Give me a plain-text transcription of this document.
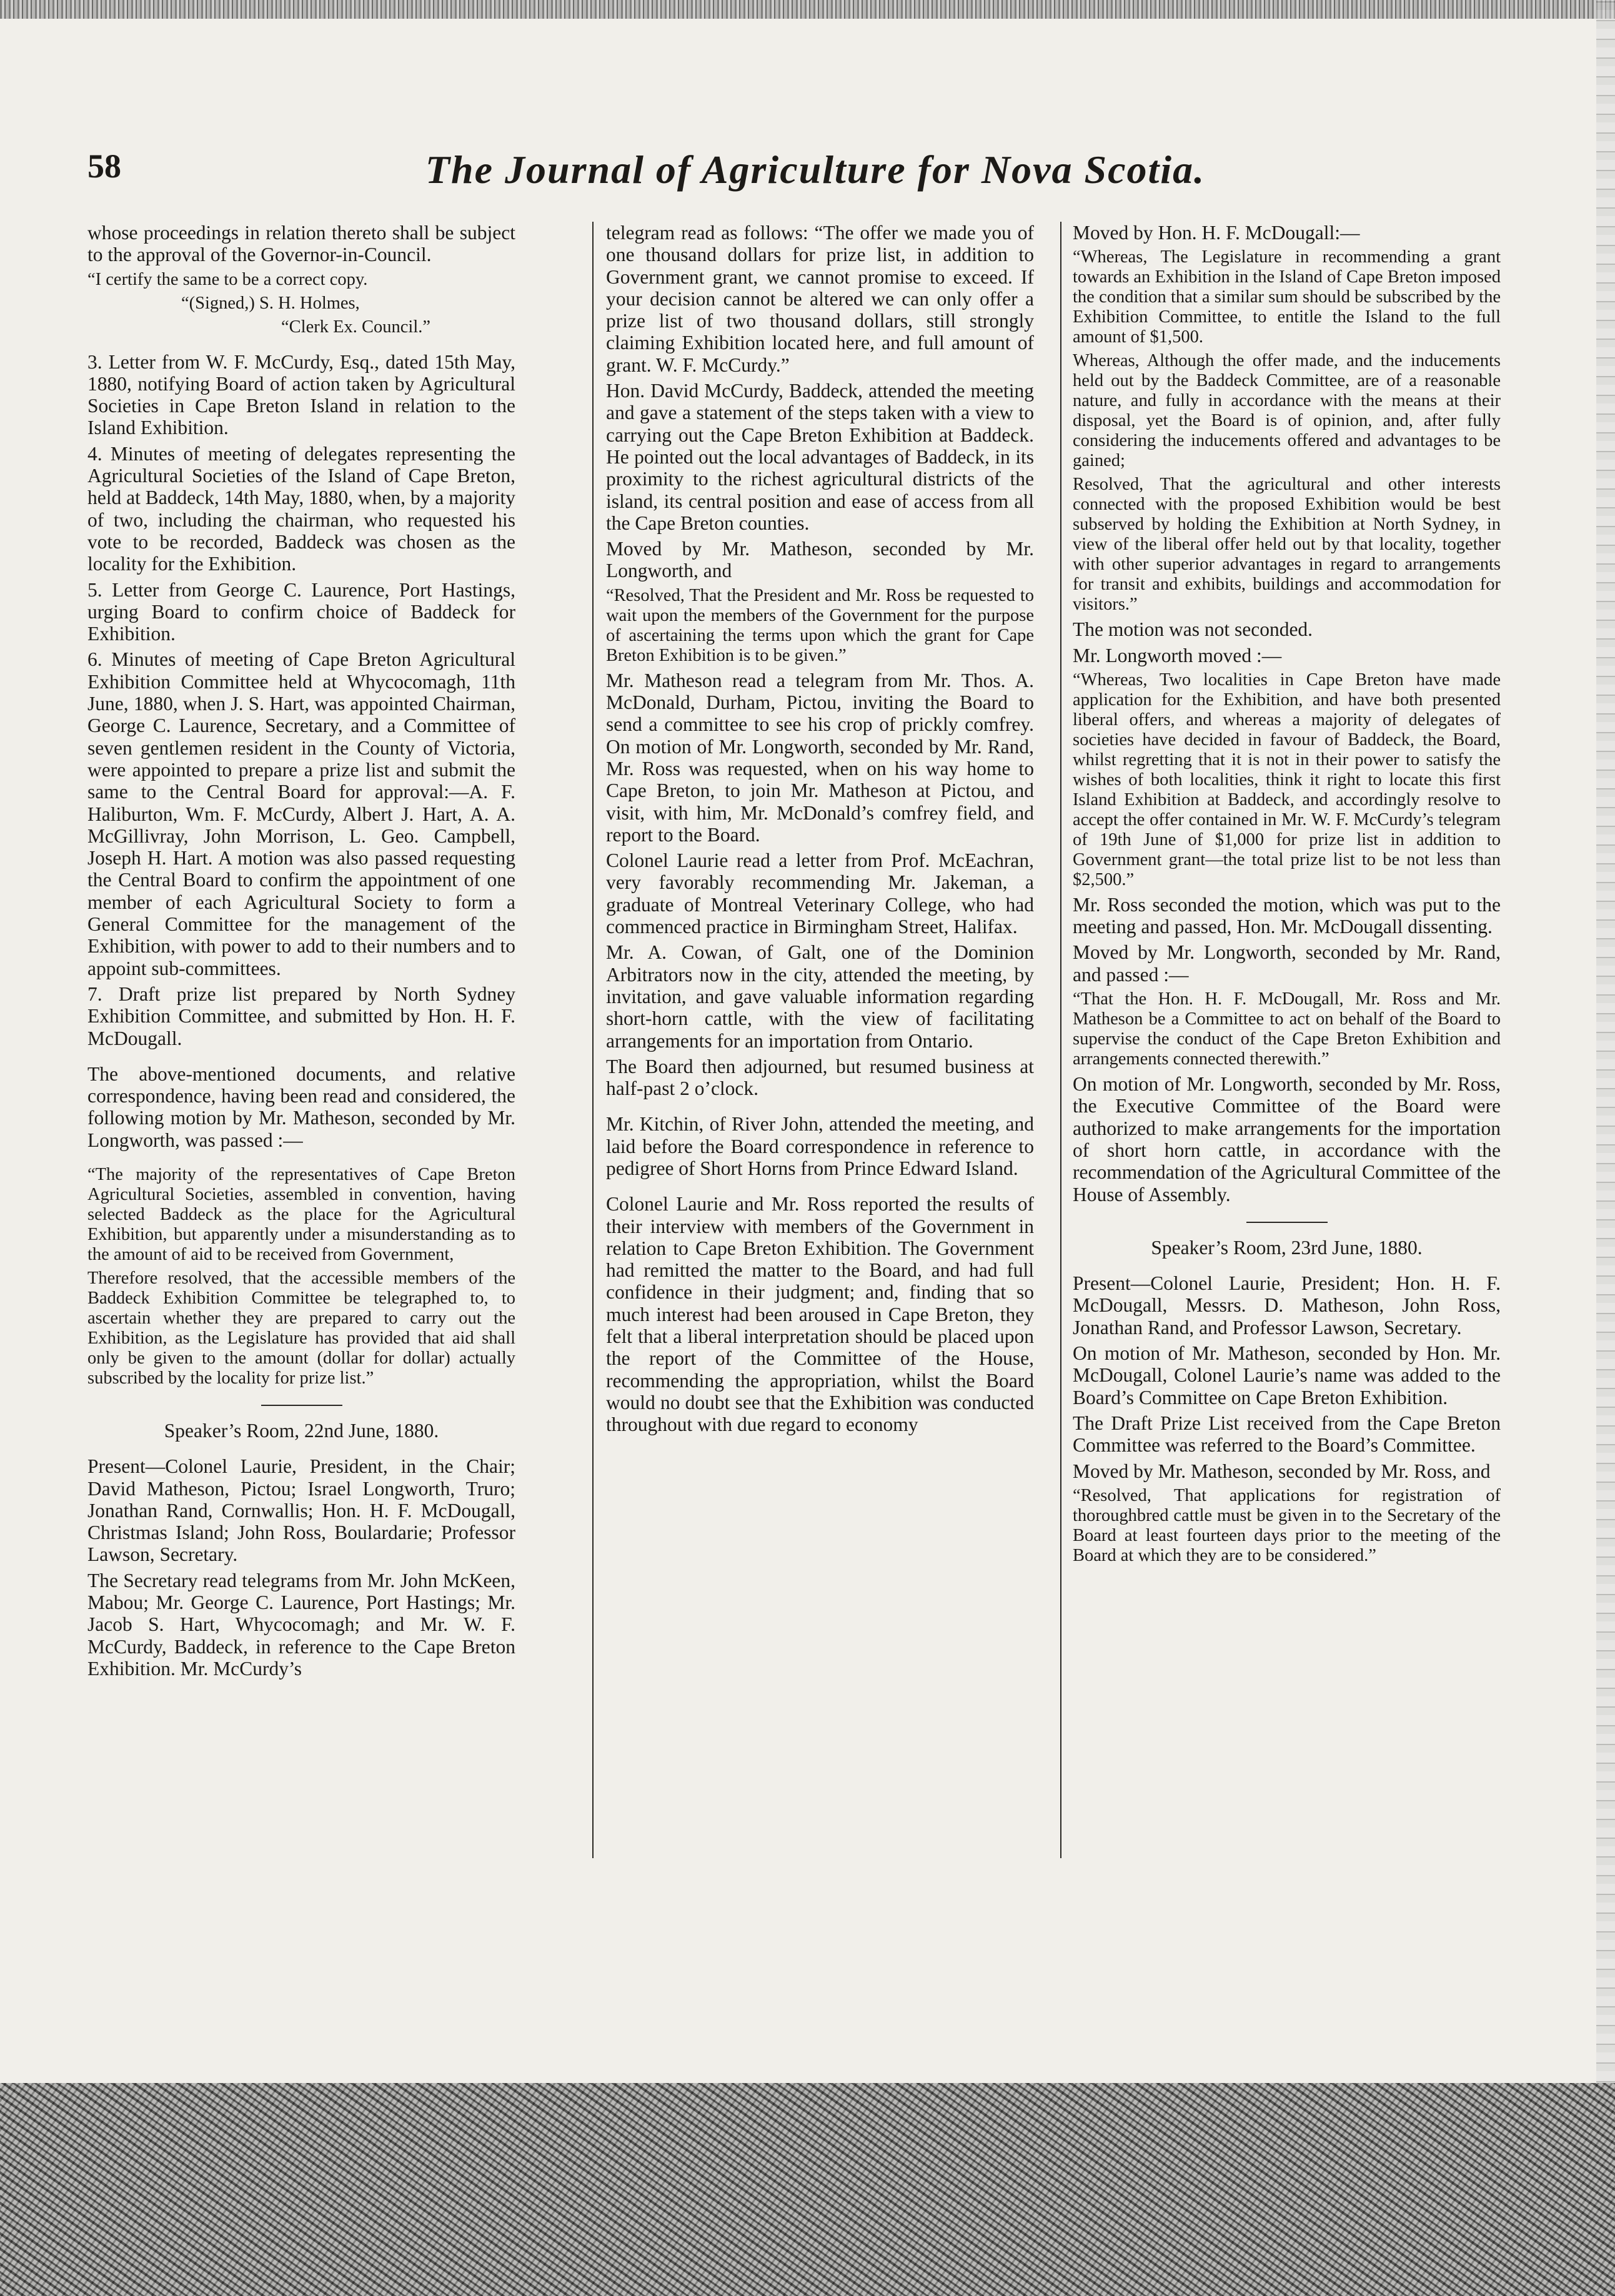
The Journal of Agriculture for Nova Scotia.
58

whose proceedings in relation thereto shall be subject to the approval of the Governor-in-Council.

“I certify the same to be a correct copy.

“(Signed,) S. H. Holmes,

“Clerk Ex. Council.”

3. Letter from W. F. McCurdy, Esq., dated 15th May, 1880, notifying Board of action taken by Agricultural Societies in Cape Breton Island in relation to the Island Exhibition.

4. Minutes of meeting of delegates representing the Agricultural Societies of the Island of Cape Breton, held at Baddeck, 14th May, 1880, when, by a majority of two, including the chairman, who requested his vote to be recorded, Baddeck was chosen as the locality for the Exhibition.

5. Letter from George C. Laurence, Port Hastings, urging Board to confirm choice of Baddeck for Exhibition.

6. Minutes of meeting of Cape Breton Agricultural Exhibition Committee held at Whycocomagh, 11th June, 1880, when J. S. Hart, was appointed Chairman, George C. Laurence, Secretary, and a Committee of seven gentlemen resident in the County of Victoria, were appointed to prepare a prize list and submit the same to the Central Board for approval:—A. F. Haliburton, Wm. F. McCurdy, Albert J. Hart, A. A. McGillivray, John Morrison, L. Geo. Campbell, Joseph H. Hart. A motion was also passed requesting the Central Board to confirm the appointment of one member of each Agricultural Society to form a General Committee for the management of the Exhibition, with power to add to their numbers and to appoint sub-committees.

7. Draft prize list prepared by North Sydney Exhibition Committee, and submitted by Hon. H. F. McDougall.

The above-mentioned documents, and relative correspondence, having been read and considered, the following motion by Mr. Matheson, seconded by Mr. Longworth, was passed :—

“The majority of the representatives of Cape Breton Agricultural Societies, assembled in convention, having selected Baddeck as the place for the Agricultural Exhibition, but apparently under a misunderstanding as to the amount of aid to be received from Government,

Therefore resolved, that the accessible members of the Baddeck Exhibition Committee be telegraphed to, to ascertain whether they are prepared to carry out the Exhibition, as the Legislature has provided that aid shall only be given to the amount (dollar for dollar) actually subscribed by the locality for prize list.”

Speaker’s Room, 22nd June, 1880.

Present—Colonel Laurie, President, in the Chair; David Matheson, Pictou; Israel Longworth, Truro; Jonathan Rand, Cornwallis; Hon. H. F. McDougall, Christmas Island; John Ross, Boulardarie; Professor Lawson, Secretary.

The Secretary read telegrams from Mr. John McKeen, Mabou; Mr. George C. Laurence, Port Hastings; Mr. Jacob S. Hart, Whycocomagh; and Mr. W. F. McCurdy, Baddeck, in reference to the Cape Breton Exhibition. Mr. McCurdy’s

telegram read as follows: “The offer we made you of one thousand dollars for prize list, in addition to Government grant, we cannot promise to exceed. If your decision cannot be altered we can only offer a prize list of two thousand dollars, still strongly claiming Exhibition located here, and full amount of grant. W. F. McCurdy.”

Hon. David McCurdy, Baddeck, attended the meeting and gave a statement of the steps taken with a view to carrying out the Cape Breton Exhibition at Baddeck. He pointed out the local advantages of Baddeck, in its proximity to the richest agricultural districts of the island, its central position and ease of access from all the Cape Breton counties.

Moved by Mr. Matheson, seconded by Mr. Longworth, and

“Resolved, That the President and Mr. Ross be requested to wait upon the members of the Government for the purpose of ascertaining the terms upon which the grant for Cape Breton Exhibition is to be given.”

Mr. Matheson read a telegram from Mr. Thos. A. McDonald, Durham, Pictou, inviting the Board to send a committee to see his crop of prickly comfrey. On motion of Mr. Longworth, seconded by Mr. Rand, Mr. Ross was requested, when on his way home to Cape Breton, to join Mr. Matheson at Pictou, and visit, with him, Mr. McDonald’s comfrey field, and report to the Board.

Colonel Laurie read a letter from Prof. McEachran, very favorably recommending Mr. Jakeman, a graduate of Montreal Veterinary College, who had commenced practice in Birmingham Street, Halifax.

Mr. A. Cowan, of Galt, one of the Dominion Arbitrators now in the city, attended the meeting, by invitation, and gave valuable information regarding short-horn cattle, with the view of facilitating arrangements for an importation from Ontario.

The Board then adjourned, but resumed business at half-past 2 o’clock.

Mr. Kitchin, of River John, attended the meeting, and laid before the Board correspondence in reference to pedigree of Short Horns from Prince Edward Island.

Colonel Laurie and Mr. Ross reported the results of their interview with members of the Government in relation to Cape Breton Exhibition. The Government had remitted the matter to the Board, and had full confidence in their judgment; and, finding that so much interest had been aroused in Cape Breton, they felt that a liberal interpretation should be placed upon the report of the Committee of the House, recommending the appropriation, whilst the Board would no doubt see that the Exhibition was conducted throughout with due regard to economy

Moved by Hon. H. F. McDougall:—

“Whereas, The Legislature in recommending a grant towards an Exhibition in the Island of Cape Breton imposed the condition that a similar sum should be subscribed by the Exhibition Committee, to entitle the Island to the full amount of $1,500.

Whereas, Although the offer made, and the inducements held out by the Baddeck Committee, are of a reasonable nature, and fully in accordance with the means at their disposal, yet the Board is of opinion, and, after fully considering the inducements offered and advantages to be gained;

Resolved, That the agricultural and other interests connected with the proposed Exhibition would be best subserved by holding the Exhibition at North Sydney, in view of the liberal offer held out by that locality, together with other superior advantages in regard to arrangements for transit and exhibits, buildings and accommodation for visitors.”

The motion was not seconded.

Mr. Longworth moved :—

“Whereas, Two localities in Cape Breton have made application for the Exhibition, and have both presented liberal offers, and whereas a majority of delegates of societies have decided in favour of Baddeck, the Board, whilst regretting that it is not in their power to satisfy the wishes of both localities, think it right to locate this first Island Exhibition at Baddeck, and accordingly resolve to accept the offer contained in Mr. W. F. McCurdy’s telegram of 19th June of $1,000 for prize list in addition to Government grant—the total prize list to be not less than $2,500.”

Mr. Ross seconded the motion, which was put to the meeting and passed, Hon. Mr. McDougall dissenting.

Moved by Mr. Longworth, seconded by Mr. Rand, and passed :—

“That the Hon. H. F. McDougall, Mr. Ross and Mr. Matheson be a Committee to act on behalf of the Board to supervise the conduct of the Cape Breton Exhibition and arrangements connected therewith.”

On motion of Mr. Longworth, seconded by Mr. Ross, the Executive Committee of the Board were authorized to make arrangements for the importation of short horn cattle, in accordance with the recommendation of the Agricultural Committee of the House of Assembly.

Speaker’s Room, 23rd June, 1880.

Present—Colonel Laurie, President; Hon. H. F. McDougall, Messrs. D. Matheson, John Ross, Jonathan Rand, and Professor Lawson, Secretary.

On motion of Mr. Matheson, seconded by Hon. Mr. McDougall, Colonel Laurie’s name was added to the Board’s Committee on Cape Breton Exhibition.

The Draft Prize List received from the Cape Breton Committee was referred to the Board’s Committee.

Moved by Mr. Matheson, seconded by Mr. Ross, and

“Resolved, That applications for registration of thoroughbred cattle must be given in to the Secretary of the Board at least fourteen days prior to the meeting of the Board at which they are to be considered.”
